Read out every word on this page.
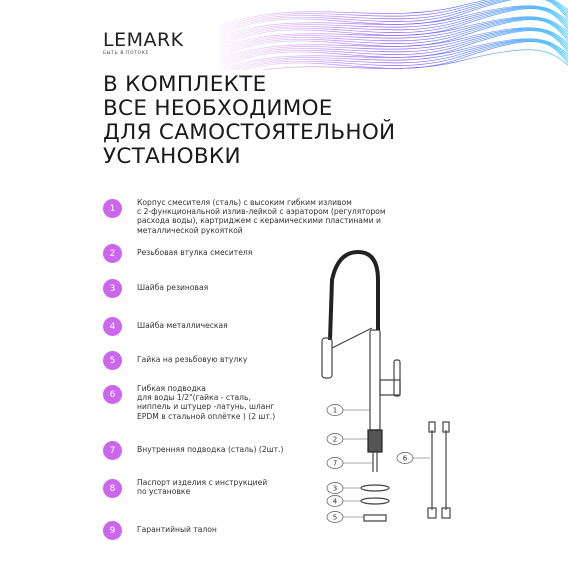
LEMARK
БЫТЬ В ПОТОКЕ
В КОМПЛЕКТЕ
ВСЕ НЕОБХОДИМОЕ
ДЛЯ САМОСТОЯТЕЛЬНОЙ
УСТАНОВКИ
1
Корпус смесителя (сталь) с высоким гибким изливом
с 2-функциональной излив-лейкой с аэратором (регулятором
расхода воды), картриджем с керамическими пластинами и
металлической рукояткой
2	Резьбовая втулка смесителя
3	Шайба резиновая
4	Шайба металлическая
5	Гайка на резьбовую втулку
6
Гибкая подводка
для воды 1/2"(гайка - сталь,
ниппель и штуцер -латунь, шланг
EPDM в стальной оплётке ) (2 шт.)
7	Внутренняя подводка (сталь) (2шт.)
8
Паспорт изделия с инструкцией
по установке
9	Гарантийный талон
1
2
7
3
4
5
6
